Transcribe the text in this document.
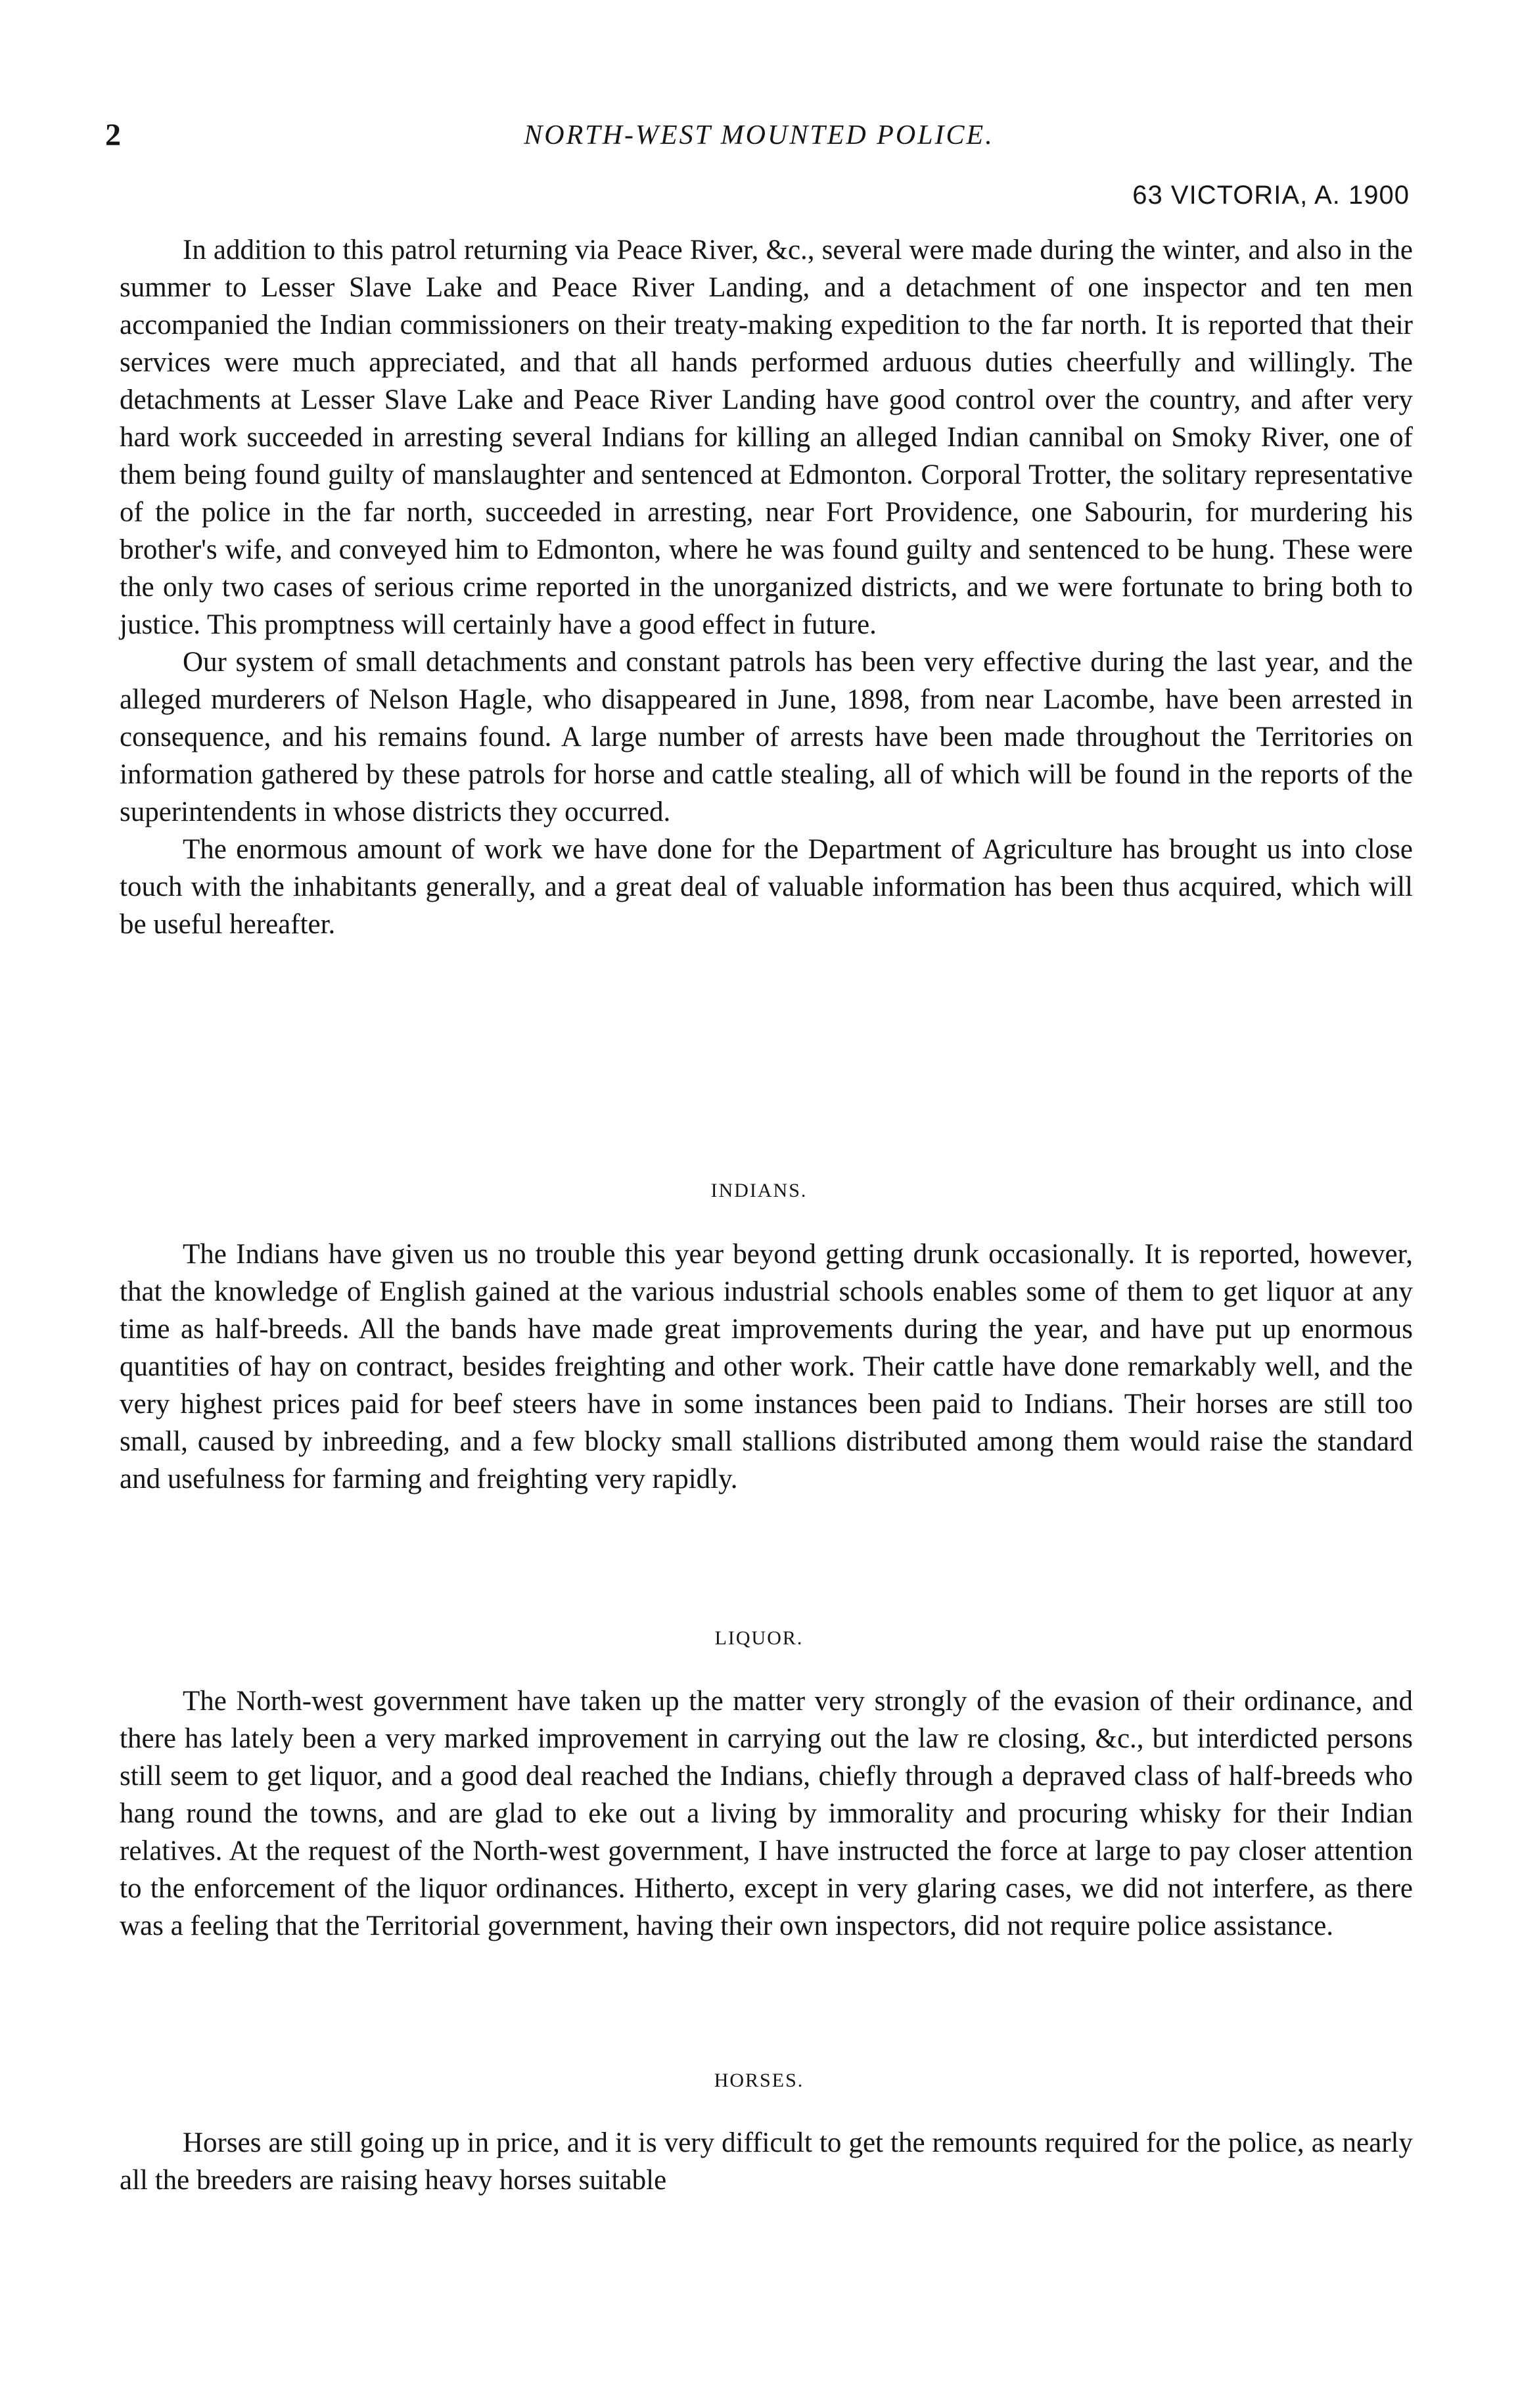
2	NORTH-WEST MOUNTED POLICE.
63 VICTORIA, A. 1900

In addition to this patrol returning via Peace River, &c., several were made during the winter, and also in the summer to Lesser Slave Lake and Peace River Landing, and a detachment of one inspector and ten men accompanied the Indian commissioners on their treaty-making expedition to the far north. It is reported that their services were much appreciated, and that all hands performed arduous duties cheerfully and willingly. The detachments at Lesser Slave Lake and Peace River Landing have good control over the country, and after very hard work succeeded in arresting several Indians for killing an alleged Indian cannibal on Smoky River, one of them being found guilty of manslaughter and sentenced at Edmonton. Corporal Trotter, the solitary representative of the police in the far north, succeeded in arresting, near Fort Providence, one Sabourin, for murdering his brother's wife, and conveyed him to Edmonton, where he was found guilty and sentenced to be hung. These were the only two cases of serious crime reported in the unorganized districts, and we were fortunate to bring both to justice. This promptness will certainly have a good effect in future.

Our system of small detachments and constant patrols has been very effective during the last year, and the alleged murderers of Nelson Hagle, who disappeared in June, 1898, from near Lacombe, have been arrested in consequence, and his remains found. A large number of arrests have been made throughout the Territories on information gathered by these patrols for horse and cattle stealing, all of which will be found in the reports of the superintendents in whose districts they occurred.

The enormous amount of work we have done for the Department of Agriculture has brought us into close touch with the inhabitants generally, and a great deal of valuable information has been thus acquired, which will be useful hereafter.

INDIANS.

The Indians have given us no trouble this year beyond getting drunk occasionally. It is reported, however, that the knowledge of English gained at the various industrial schools enables some of them to get liquor at any time as half-breeds. All the bands have made great improvements during the year, and have put up enormous quantities of hay on contract, besides freighting and other work. Their cattle have done remarkably well, and the very highest prices paid for beef steers have in some instances been paid to Indians. Their horses are still too small, caused by inbreeding, and a few blocky small stallions distributed among them would raise the standard and usefulness for farming and freighting very rapidly.

LIQUOR.

The North-west government have taken up the matter very strongly of the evasion of their ordinance, and there has lately been a very marked improvement in carrying out the law re closing, &c., but interdicted persons still seem to get liquor, and a good deal reached the Indians, chiefly through a depraved class of half-breeds who hang round the towns, and are glad to eke out a living by immorality and procuring whisky for their Indian relatives. At the request of the North-west government, I have instructed the force at large to pay closer attention to the enforcement of the liquor ordinances. Hitherto, except in very glaring cases, we did not interfere, as there was a feeling that the Territorial government, having their own inspectors, did not require police assistance.

HORSES.

Horses are still going up in price, and it is very difficult to get the remounts required for the police, as nearly all the breeders are raising heavy horses suitable
